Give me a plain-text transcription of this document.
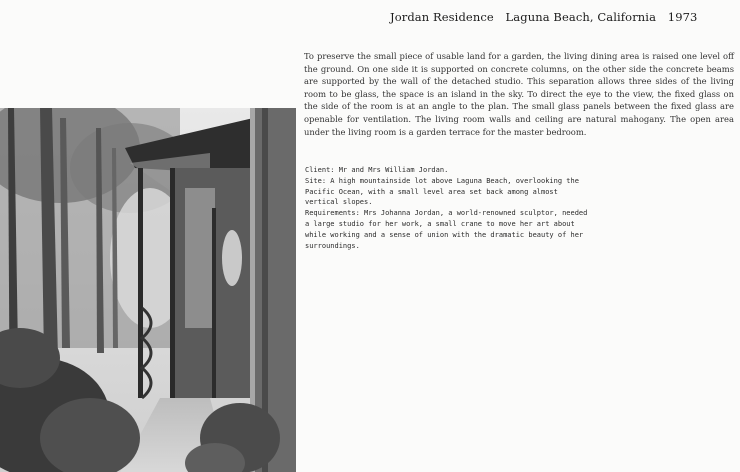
Jordan Residence Laguna Beach, California 1973

To preserve the small piece of usable land for a garden, the living dining area is raised one level off the ground. On one side it is supported on concrete columns, on the other side the concrete beams are supported by the wall of the detached studio. This separation allows three sides of the living room to be glass, the space is an island in the sky. To direct the eye to the view, the fixed glass on the side of the room is at an angle to the plan. The small glass panels between the fixed glass are openable for ventilation. The living room walls and ceiling are natural mahogany. The open area under the living room is a garden terrace for the master bedroom.

Client: Mr and Mrs William Jordan.
Site: A high mountainside lot above Laguna Beach, overlooking the Pacific Ocean, with a small level area set back among almost vertical slopes.
Requirements: Mrs Johanna Jordan, a world-renowned sculptor, needed a large studio for her work, a small crane to move her art about while working and a sense of union with the dramatic beauty of her surroundings.
